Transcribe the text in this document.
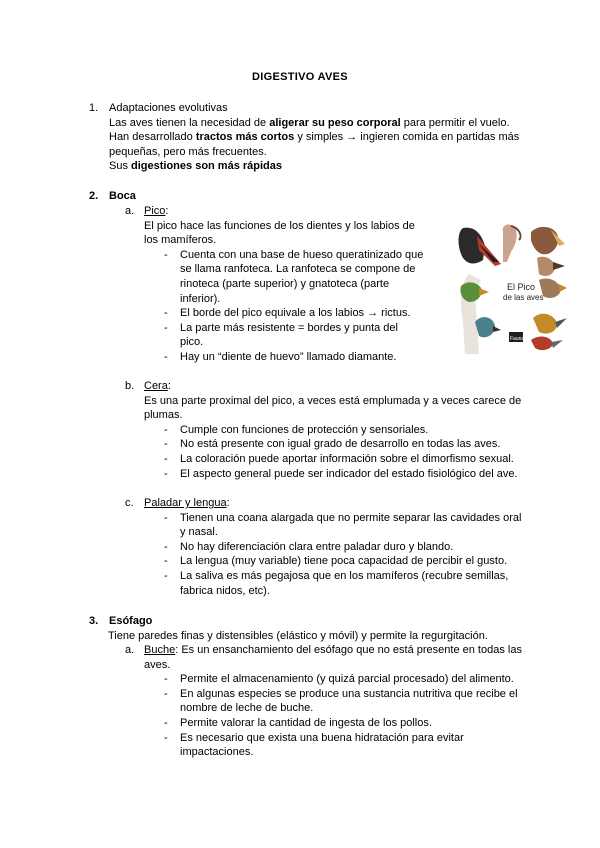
DIGESTIVO AVES
1. Adaptaciones evolutivas
Las aves tienen la necesidad de aligerar su peso corporal para permitir el vuelo.
Han desarrollado tractos más cortos y simples → ingieren comida en partidas más
pequeñas, pero más frecuentes.
Sus digestiones son más rápidas
2. Boca
a. Pico:
El pico hace las funciones de los dientes y los labios de
los mamíferos.
- Cuenta con una base de hueso queratinizado que
se llama ranfoteca. La ranfoteca se compone de
rinoteca (parte superior) y gnatoteca (parte
inferior).
- El borde del pico equivale a los labios → rictus.
- La parte más resistente = bordes y punta del
pico.
- Hay un “diente de huevo” llamado diamante.
El Pico
de las aves
Fauna
b. Cera:
Es una parte proximal del pico, a veces está emplumada y a veces carece de
plumas.
- Cumple con funciones de protección y sensoriales.
- No está presente con igual grado de desarrollo en todas las aves.
- La coloración puede aportar información sobre el dimorfismo sexual.
- El aspecto general puede ser indicador del estado fisiológico del ave.
c. Paladar y lengua:
- Tienen una coana alargada que no permite separar las cavidades oral
y nasal.
- No hay diferenciación clara entre paladar duro y blando.
- La lengua (muy variable) tiene poca capacidad de percibir el gusto.
- La saliva es más pegajosa que en los mamíferos (recubre semillas,
fabrica nidos, etc).
3. Esófago
Tiene paredes finas y distensibles (elástico y móvil) y permite la regurgitación.
a. Buche: Es un ensanchamiento del esófago que no está presente en todas las
aves.
- Permite el almacenamiento (y quizá parcial procesado) del alimento.
- En algunas especies se produce una sustancia nutritiva que recibe el
nombre de leche de buche.
- Permite valorar la cantidad de ingesta de los pollos.
- Es necesario que exista una buena hidratación para evitar
impactaciones.
